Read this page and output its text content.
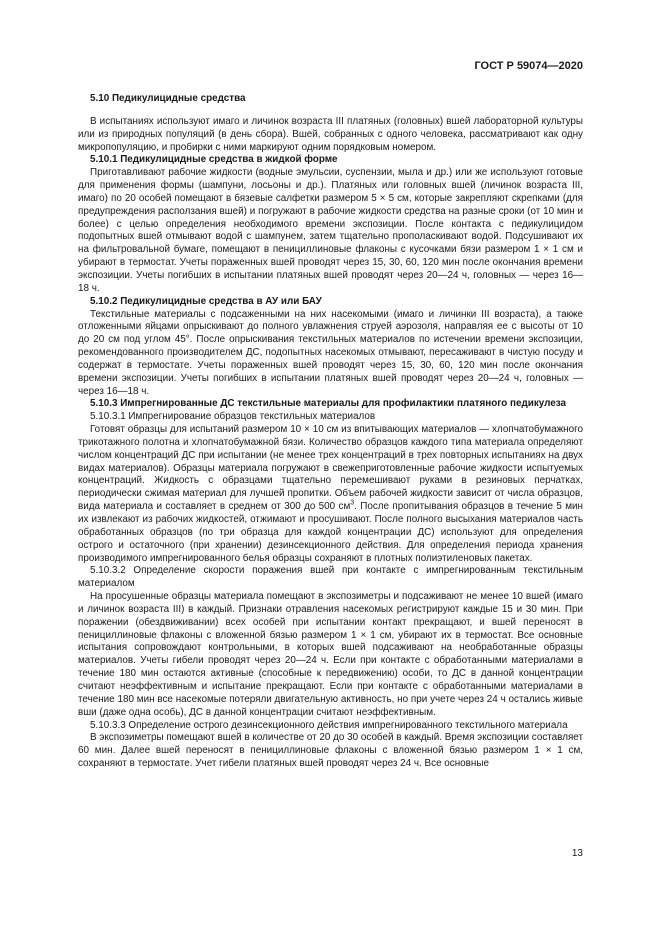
ГОСТ Р 59074—2020

5.10 Педикулицидные средства

В испытаниях используют имаго и личинок возраста III платяных (головных) вшей лабораторной культуры или из природных популяций (в день сбора). Вшей, собранных с одного человека, рассматривают как одну микропопуляцию, и пробирки с ними маркируют одним порядковым номером.

5.10.1 Педикулицидные средства в жидкой форме

Приготавливают рабочие жидкости (водные эмульсии, суспензии, мыла и др.) или же используют готовые для применения формы (шампуни, лосьоны и др.). Платяных или головных вшей (личинок возраста III, имаго) по 20 особей помещают в бязевые салфетки размером 5 × 5 см, которые закрепляют скрепками (для предупреждения расползания вшей) и погружают в рабочие жидкости средства на разные сроки (от 10 мин и более) с целью определения необходимого времени экспозиции. После контакта с педикулицидом подопытных вшей отмывают водой с шампунем, затем тщательно прополаскивают водой. Подсушивают их на фильтровальной бумаге, помещают в пенициллиновые флаконы с кусочками бязи размером 1 × 1 см и убирают в термостат. Учеты пораженных вшей проводят через 15, 30, 60, 120 мин после окончания времени экспозиции. Учеты погибших в испытании платяных вшей проводят через 20—24 ч, головных — через 16—18 ч.

5.10.2 Педикулицидные средства в АУ или БАУ

Текстильные материалы с подсаженными на них насекомыми (имаго и личинки III возраста), а также отложенными яйцами опрыскивают до полного увлажнения струей аэрозоля, направляя ее с высоты от 10 до 20 см под углом 45°. После опрыскивания текстильных материалов по истечении времени экспозиции, рекомендованного производителем ДС, подопытных насекомых отмывают, пересаживают в чистую посуду и содержат в термостате. Учеты пораженных вшей проводят через 15, 30, 60, 120 мин после окончания времени экспозиции. Учеты погибших в испытании платяных вшей проводят через 20—24 ч, головных — через 16—18 ч.

5.10.3 Импрегнированные ДС текстильные материалы для профилактики платяного педикулеза

5.10.3.1 Импрегнирование образцов текстильных материалов

Готовят образцы для испытаний размером 10 × 10 см из впитывающих материалов — хлопчатобумажного трикотажного полотна и хлопчатобумажной бязи. Количество образцов каждого типа материала определяют числом концентраций ДС при испытании (не менее трех концентраций в трех повторных испытаниях на двух видах материалов). Образцы материала погружают в свежеприготовленные рабочие жидкости испытуемых концентраций. Жидкость с образцами тщательно перемешивают руками в резиновых перчатках, периодически сжимая материал для лучшей пропитки. Объем рабочей жидкости зависит от числа образцов, вида материала и составляет в среднем от 300 до 500 $см^3$. После пропитывания образцов в течение 5 мин их извлекают из рабочих жидкостей, отжимают и просушивают. После полного высыхания материалов часть обработанных образцов (по три образца для каждой концентрации ДС) используют для определения острого и остаточного (при хранении) дезинсекционного действия. Для определения периода хранения производимого импрегнированного белья образцы сохраняют в плотных полиэтиленовых пакетах.

5.10.3.2 Определение скорости поражения вшей при контакте с импрегнированным текстильным материалом

На просушенные образцы материала помещают в экспозиметры и подсаживают не менее 10 вшей (имаго и личинок возраста III) в каждый. Признаки отравления насекомых регистрируют каждые 15 и 30 мин. При поражении (обездвиживании) всех особей при испытании контакт прекращают, и вшей переносят в пенициллиновые флаконы с вложенной бязью размером 1 × 1 см, убирают их в термостат. Все основные испытания сопровождают контрольными, в которых вшей подсаживают на необработанные образцы материалов. Учеты гибели проводят через 20—24 ч. Если при контакте с обработанными материалами в течение 180 мин остаются активные (способные к передвижению) особи, то ДС в данной концентрации считают неэффективным и испытание прекращают. Если при контакте с обработанными материалами в течение 180 мин все насекомые потеряли двигательную активность, но при учете через 24 ч остались живые вши (даже одна особь), ДС в данной концентрации считают неэффективным.

5.10.3.3 Определение острого дезинсекционного действия импрегнированного текстильного материала

В экспозиметры помещают вшей в количестве от 20 до 30 особей в каждый. Время экспозиции составляет 60 мин. Далее вшей переносят в пенициллиновые флаконы с вложенной бязью размером 1 × 1 см, сохраняют в термостате. Учет гибели платяных вшей проводят через 24 ч. Все основные

13
